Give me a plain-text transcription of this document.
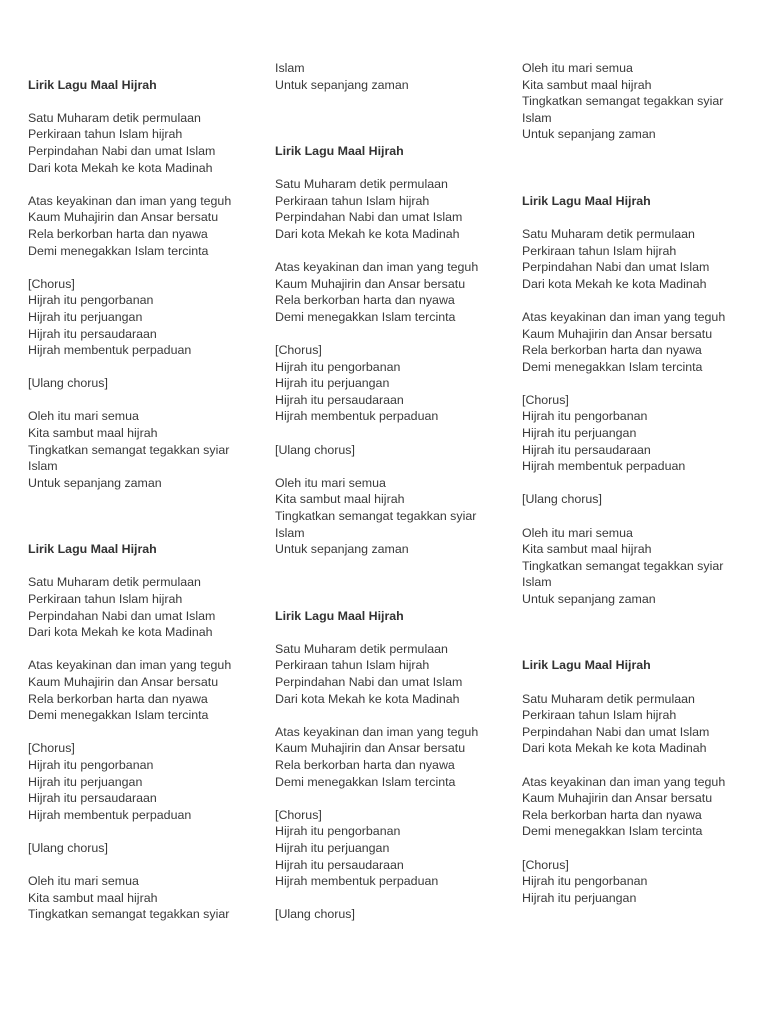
Lirik Lagu Maal Hijrah
Satu Muharam detik permulaan
Perkiraan tahun Islam hijrah
Perpindahan Nabi dan umat Islam
Dari kota Mekah ke kota Madinah
Atas keyakinan dan iman yang teguh
Kaum Muhajirin dan Ansar bersatu
Rela berkorban harta dan nyawa
Demi menegakkan Islam tercinta
[Chorus]
Hijrah itu pengorbanan
Hijrah itu perjuangan
Hijrah itu persaudaraan
Hijrah membentuk perpaduan
[Ulang chorus]
Oleh itu mari semua
Kita sambut maal hijrah
Tingkatkan semangat tegakkan syiar
Islam
Untuk sepanjang zaman
Lirik Lagu Maal Hijrah
Satu Muharam detik permulaan
Perkiraan tahun Islam hijrah
Perpindahan Nabi dan umat Islam
Dari kota Mekah ke kota Madinah
Atas keyakinan dan iman yang teguh
Kaum Muhajirin dan Ansar bersatu
Rela berkorban harta dan nyawa
Demi menegakkan Islam tercinta
[Chorus]
Hijrah itu pengorbanan
Hijrah itu perjuangan
Hijrah itu persaudaraan
Hijrah membentuk perpaduan
[Ulang chorus]
Oleh itu mari semua
Kita sambut maal hijrah
Tingkatkan semangat tegakkan syiar
Islam
Untuk sepanjang zaman
Lirik Lagu Maal Hijrah
Satu Muharam detik permulaan
Perkiraan tahun Islam hijrah
Perpindahan Nabi dan umat Islam
Dari kota Mekah ke kota Madinah
Atas keyakinan dan iman yang teguh
Kaum Muhajirin dan Ansar bersatu
Rela berkorban harta dan nyawa
Demi menegakkan Islam tercinta
[Chorus]
Hijrah itu pengorbanan
Hijrah itu perjuangan
Hijrah itu persaudaraan
Hijrah membentuk perpaduan
[Ulang chorus]
Oleh itu mari semua
Kita sambut maal hijrah
Tingkatkan semangat tegakkan syiar
Islam
Untuk sepanjang zaman
Lirik Lagu Maal Hijrah
Satu Muharam detik permulaan
Perkiraan tahun Islam hijrah
Perpindahan Nabi dan umat Islam
Dari kota Mekah ke kota Madinah
Atas keyakinan dan iman yang teguh
Kaum Muhajirin dan Ansar bersatu
Rela berkorban harta dan nyawa
Demi menegakkan Islam tercinta
[Chorus]
Hijrah itu pengorbanan
Hijrah itu perjuangan
Hijrah itu persaudaraan
Hijrah membentuk perpaduan
[Ulang chorus]
Oleh itu mari semua
Kita sambut maal hijrah
Tingkatkan semangat tegakkan syiar
Islam
Untuk sepanjang zaman
Lirik Lagu Maal Hijrah
Satu Muharam detik permulaan
Perkiraan tahun Islam hijrah
Perpindahan Nabi dan umat Islam
Dari kota Mekah ke kota Madinah
Atas keyakinan dan iman yang teguh
Kaum Muhajirin dan Ansar bersatu
Rela berkorban harta dan nyawa
Demi menegakkan Islam tercinta
[Chorus]
Hijrah itu pengorbanan
Hijrah itu perjuangan
Hijrah itu persaudaraan
Hijrah membentuk perpaduan
[Ulang chorus]
Oleh itu mari semua
Kita sambut maal hijrah
Tingkatkan semangat tegakkan syiar
Islam
Untuk sepanjang zaman
Lirik Lagu Maal Hijrah
Satu Muharam detik permulaan
Perkiraan tahun Islam hijrah
Perpindahan Nabi dan umat Islam
Dari kota Mekah ke kota Madinah
Atas keyakinan dan iman yang teguh
Kaum Muhajirin dan Ansar bersatu
Rela berkorban harta dan nyawa
Demi menegakkan Islam tercinta
[Chorus]
Hijrah itu pengorbanan
Hijrah itu perjuangan
